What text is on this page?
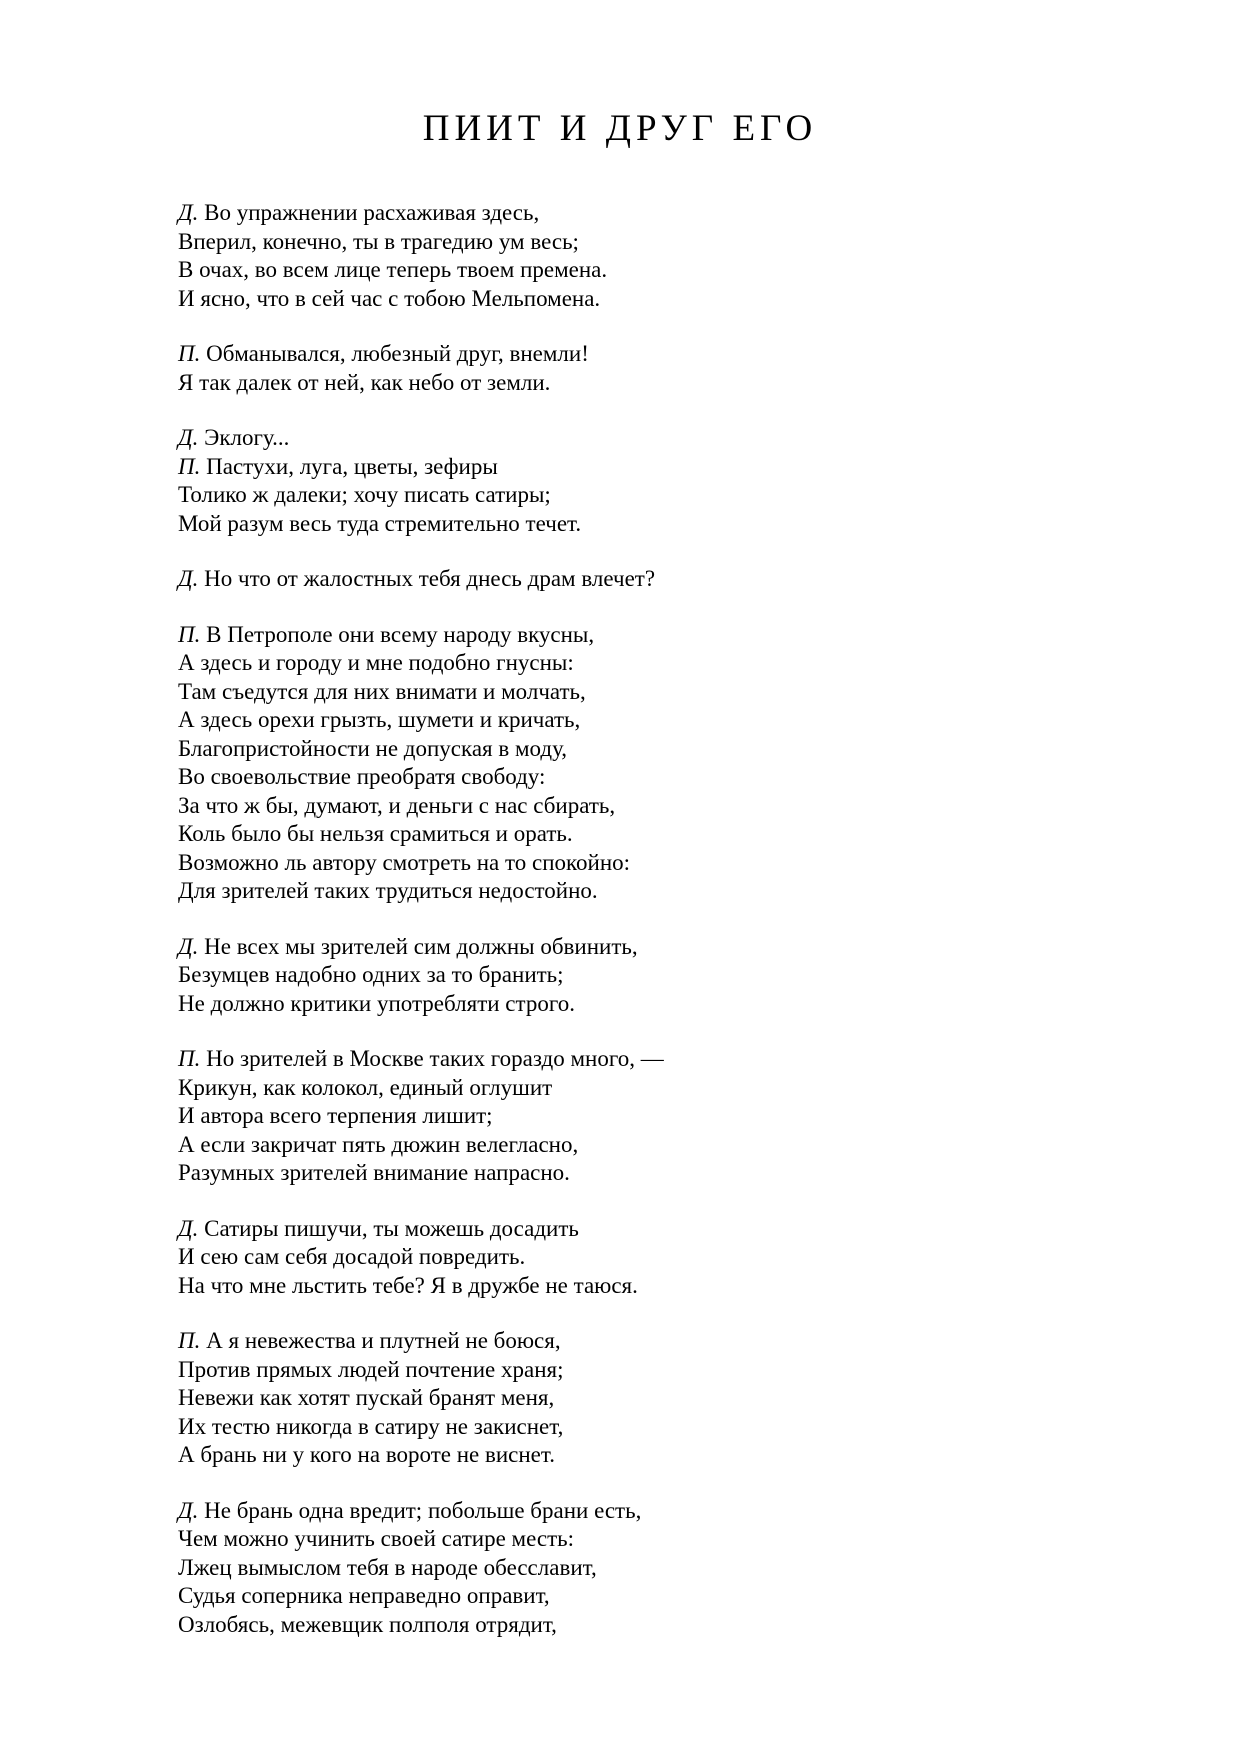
ПИИТ И ДРУГ ЕГО
Д. Во упражнении расхаживая здесь,
Вперил, конечно, ты в трагедию ум весь;
В очах, во всем лице теперь твоем премена.
И ясно, что в сей час с тобою Мельпомена.
П. Обманывался, любезный друг, внемли!
Я так далек от ней, как небо от земли.
Д. Эклогу...
П. Пастухи, луга, цветы, зефиры
Толико ж далеки; хочу писать сатиры;
Мой разум весь туда стремительно течет.
Д. Но что от жалостных тебя днесь драм влечет?
П. В Петрополе они всему народу вкусны,
А здесь и городу и мне подобно гнусны:
Там съедутся для них внимати и молчать,
А здесь орехи грызть, шумети и кричать,
Благопристойности не допуская в моду,
Во своевольствие преобратя свободу:
За что ж бы, думают, и деньги с нас сбирать,
Коль было бы нельзя срамиться и орать.
Возможно ль автору смотреть на то спокойно:
Для зрителей таких трудиться недостойно.
Д. Не всех мы зрителей сим должны обвинить,
Безумцев надобно одних за то бранить;
Не должно критики употребляти строго.
П. Но зрителей в Москве таких гораздо много, —
Крикун, как колокол, единый оглушит
И автора всего терпения лишит;
А если закричат пять дюжин велегласно,
Разумных зрителей внимание напрасно.
Д. Сатиры пишучи, ты можешь досадить
И сею сам себя досадой повредить.
На что мне льстить тебе? Я в дружбе не таюся.
П. А я невежества и плутней не боюся,
Против прямых людей почтение храня;
Невежи как хотят пускай бранят меня,
Их тестю никогда в сатиру не закиснет,
А брань ни у кого на вороте не виснет.
Д. Не брань одна вредит; побольше брани есть,
Чем можно учинить своей сатире месть:
Лжец вымыслом тебя в народе обесславит,
Судья соперника неправедно оправит,
Озлобясь, межевщик полполя отрядит,
